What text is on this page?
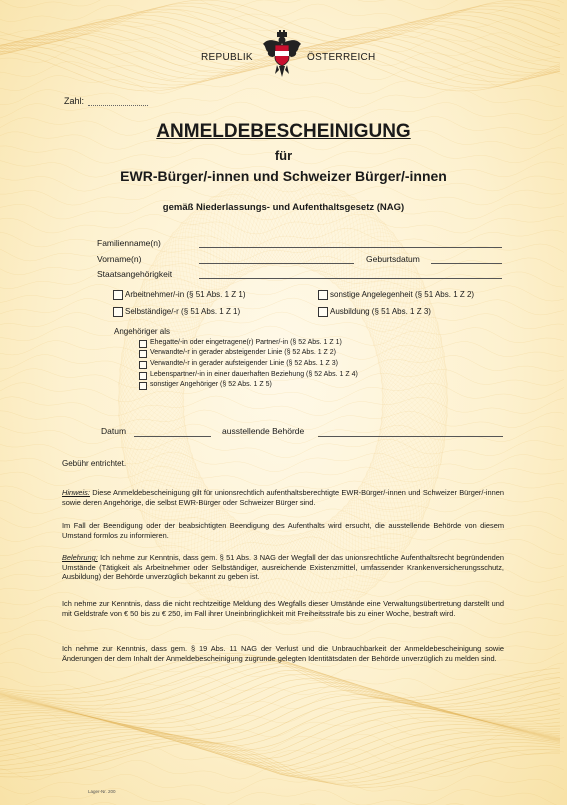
REPUBLIK	ÖSTERREICH
Zahl:
ANMELDEBESCHEINIGUNG
für
EWR-Bürger/-innen und Schweizer Bürger/-innen
gemäß Niederlassungs- und Aufenthaltsgesetz (NAG)
Familienname(n)
Vorname(n)	Geburtsdatum
Staatsangehörigkeit
Arbeitnehmer/-in (§ 51 Abs. 1 Z 1)	sonstige Angelegenheit (§ 51 Abs. 1 Z 2)
Selbständige/-r (§ 51 Abs. 1 Z 1)	Ausbildung (§ 51 Abs. 1 Z 3)
Angehöriger als
Ehegatte/-in oder eingetragene(r) Partner/-in (§ 52 Abs. 1 Z 1)
Verwandte/-r in gerader absteigender Linie (§ 52 Abs. 1 Z 2)
Verwandte/-r in gerader aufsteigender Linie (§ 52 Abs. 1 Z 3)
Lebenspartner/-in in einer dauerhaften Beziehung (§ 52 Abs. 1 Z 4)
sonstiger Angehöriger (§ 52 Abs. 1 Z 5)
Datum	ausstellende Behörde
Gebühr entrichtet.
Hinweis: Diese Anmeldebescheinigung gilt für unionsrechtlich aufenthaltsberechtigte EWR-Bürger/-innen und Schweizer Bürger/-innen sowie deren Angehörige, die selbst EWR-Bürger oder Schweizer Bürger sind.
Im Fall der Beendigung oder der beabsichtigten Beendigung des Aufenthalts wird ersucht, die ausstellende Behörde von diesem Umstand formlos zu informieren.
Belehrung: Ich nehme zur Kenntnis, dass gem. § 51 Abs. 3 NAG der Wegfall der das unionsrechtliche Aufenthaltsrecht begründenden Umstände (Tätigkeit als Arbeitnehmer oder Selbständiger, ausreichende Existenzmittel, umfassender Krankenversicherungsschutz, Ausbildung) der Behörde unverzüglich bekannt zu geben ist.
Ich nehme zur Kenntnis, dass die nicht rechtzeitige Meldung des Wegfalls dieser Umstände eine Verwaltungsübertretung darstellt und mit Geldstrafe von € 50 bis zu € 250, im Fall ihrer Uneinbringlichkeit mit Freiheitsstrafe bis zu einer Woche, bestraft wird.
Ich nehme zur Kenntnis, dass gem. § 19 Abs. 11 NAG der Verlust und die Unbrauchbarkeit der Anmeldebescheinigung sowie Änderungen der dem Inhalt der Anmeldebescheinigung zugrunde gelegten Identitätsdaten der Behörde unverzüglich zu melden sind.
Lager-Nr. 200
